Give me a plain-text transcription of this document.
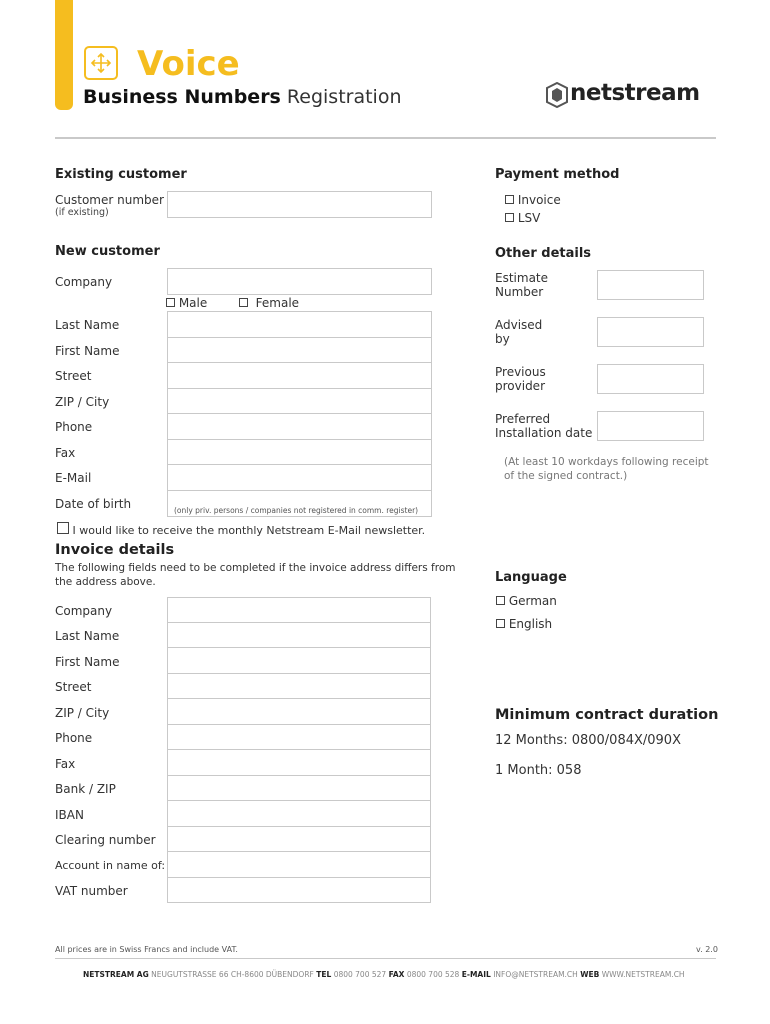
Voice
Business Numbers Registration	netstream
Existing customer
Customer number
(if existing)
Payment method
Invoice
LSV
New customer
Company
Male	Female
Last Name
First Name
Street
ZIP / City
Phone
Fax
E-Mail
Date of birth	(only priv. persons / companies not registered in comm. register)
I would like to receive the monthly Netstream E-Mail newsletter.
Other details
Estimate
Number
Advised
by
Previous
provider
Preferred
Installation date
(At least 10 workdays following receipt
of the signed contract.)
Invoice details
The following fields need to be completed if the invoice address differs from
the address above.
Company
Last Name
First Name
Street
ZIP / City
Phone
Fax
Bank / ZIP
IBAN
Clearing number
Account in name of:
VAT number
Language
German
English
Minimum contract duration
12 Months: 0800/084X/090X
1 Month: 058
All prices are in Swiss Francs and include VAT.	v. 2.0
NETSTREAM AG NEUGUTSTRASSE 66 CH-8600 DÜBENDORF TEL 0800 700 527 FAX 0800 700 528 E-MAIL INFO@NETSTREAM.CH WEB WWW.NETSTREAM.CH
